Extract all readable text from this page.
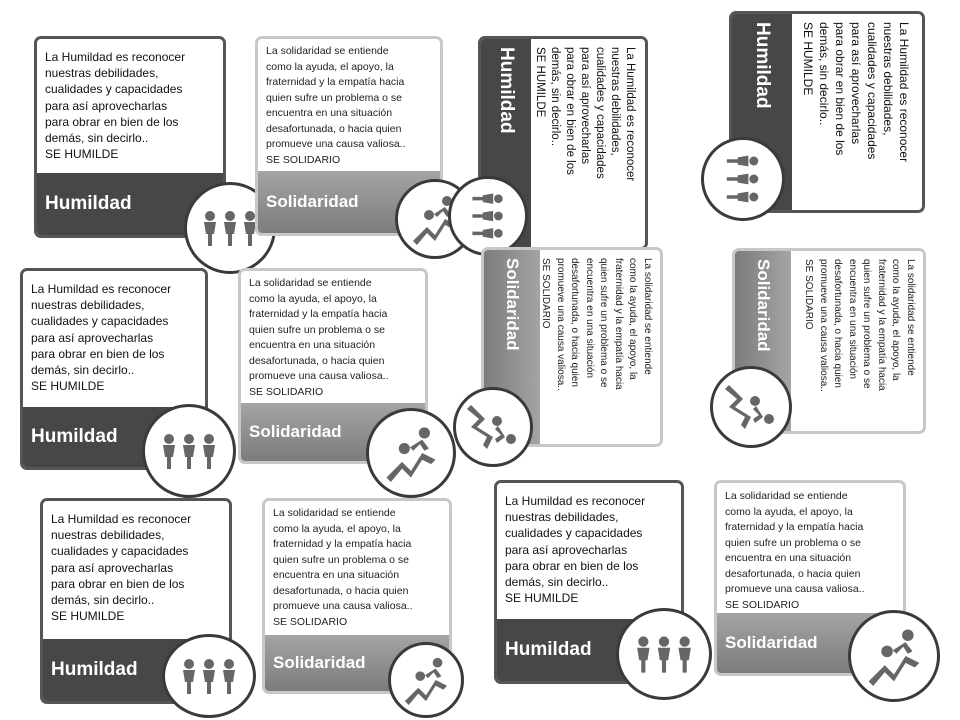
La Humildad es reconocer
nuestras debilidades,
cualidades y capacidades
para así aprovecharlas
para obrar en bien de los
demás, sin decirlo..
SE HUMILDE
Humildad
La solidaridad se entiende
como la ayuda, el apoyo, la
fraternidad y la empatía hacia
quien sufre un problema o se
encuentra en una situación
desafortunada, o hacia quien
promueve una causa valiosa..
SE SOLIDARIO
Solidaridad
La Humildad es reconocer
nuestras debilidades,
cualidades y capacidades
para así aprovecharlas
para obrar en bien de los
demás, sin decirlo..
SE HUMILDE
Humildad	La Humildad es reconocer
nuestras debilidades,
cualidades y capacidades
para así aprovecharlas
para obrar en bien de los
demás, sin decirlo..
SE HUMILDE
Humildad
La Humildad es reconocer
nuestras debilidades,
cualidades y capacidades
para así aprovecharlas
para obrar en bien de los
demás, sin decirlo..
SE HUMILDE
Humildad
La solidaridad se entiende
como la ayuda, el apoyo, la
fraternidad y la empatía hacia
quien sufre un problema o se
encuentra en una situación
desafortunada, o hacia quien
promueve una causa valiosa..
SE SOLIDARIO
Solidaridad
La solidaridad se entiende
como la ayuda, el apoyo, la
fraternidad y la empatía hacia
quien sufre un problema o se
encuentra en una situación
desafortunada, o hacia quien
promueve una causa valiosa..
SE SOLIDARIO
Solidaridad	La solidaridad se entiende
como la ayuda, el apoyo, la
fraternidad y la empatía hacia
quien sufre un problema o se
encuentra en una situación
desafortunada, o hacia quien
promueve una causa valiosa..
SE SOLIDARIO
Solidaridad
La Humildad es reconocer
nuestras debilidades,
cualidades y capacidades
para así aprovecharlas
para obrar en bien de los
demás, sin decirlo..
SE HUMILDE
Humildad
La solidaridad se entiende
como la ayuda, el apoyo, la
fraternidad y la empatía hacia
quien sufre un problema o se
encuentra en una situación
desafortunada, o hacia quien
promueve una causa valiosa..
SE SOLIDARIO
Solidaridad
La Humildad es reconocer
nuestras debilidades,
cualidades y capacidades
para así aprovecharlas
para obrar en bien de los
demás, sin decirlo..
SE HUMILDE
Humildad
La solidaridad se entiende
como la ayuda, el apoyo, la
fraternidad y la empatía hacia
quien sufre un problema o se
encuentra en una situación
desafortunada, o hacia quien
promueve una causa valiosa..
SE SOLIDARIO
Solidaridad
